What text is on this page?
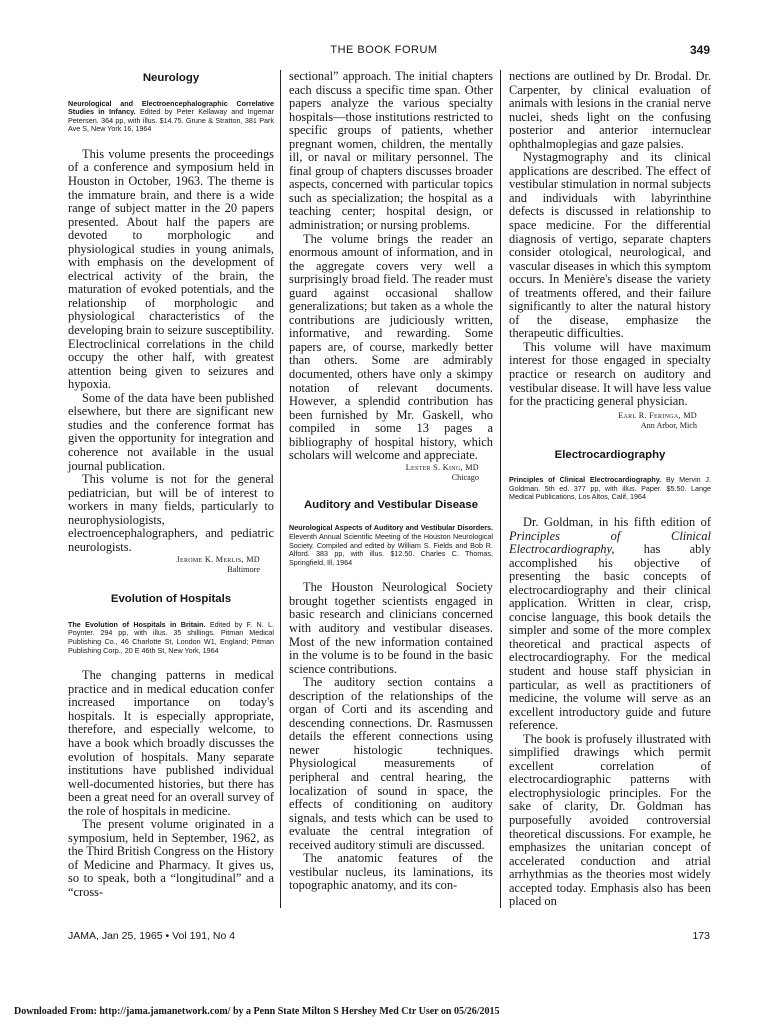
THE BOOK FORUM	349
Neurology

Neurological and Electroencephalographic Correlative Studies in Infancy. Edited by Peter Kellaway and Ingemar Petersen. 364 pp, with illus. $14.75. Grune & Stratton, 381 Park Ave S, New York 16, 1964

This volume presents the proceedings of a conference and symposium held in Houston in October, 1963. The theme is the immature brain, and there is a wide range of subject matter in the 20 papers presented. About half the papers are devoted to morphologic and physiological studies in young animals, with emphasis on the development of electrical activity of the brain, the maturation of evoked potentials, and the relationship of morphologic and physiological characteristics of the developing brain to seizure susceptibility. Electroclinical correlations in the child occupy the other half, with greatest attention being given to seizures and hypoxia.

Some of the data have been published elsewhere, but there are significant new studies and the conference format has given the opportunity for integration and coherence not available in the usual journal publication.

This volume is not for the general pediatrician, but will be of interest to workers in many fields, particularly to neurophysiologists, electroencephalographers, and pediatric neurologists.

Jerome K. Merlis, MD

Baltimore

Evolution of Hospitals

The Evolution of Hospitals in Britain. Edited by F. N. L. Poynter. 294 pp, with illus. 35 shillings. Pitman Medical Publishing Co., 46 Charlotte St, London W1, England; Pitman Publishing Corp., 20 E 46th St, New York, 1964

The changing patterns in medical practice and in medical education confer increased importance on today's hospitals. It is especially appropriate, therefore, and especially welcome, to have a book which broadly discusses the evolution of hospitals. Many separate institutions have published individual well-documented histories, but there has been a great need for an overall survey of the role of hospitals in medicine.

The present volume originated in a symposium, held in September, 1962, as the Third British Congress on the History of Medicine and Pharmacy. It gives us, so to speak, both a “longitudinal” and a “cross-

sectional” approach. The initial chapters each discuss a specific time span. Other papers analyze the various specialty hospitals—those institutions restricted to specific groups of patients, whether pregnant women, children, the mentally ill, or naval or military personnel. The final group of chapters discusses broader aspects, concerned with particular topics such as specialization; the hospital as a teaching center; hospital design, or administration; or nursing problems.

The volume brings the reader an enormous amount of information, and in the aggregate covers very well a surprisingly broad field. The reader must guard against occasional shallow generalizations; but taken as a whole the contributions are judiciously written, informative, and rewarding. Some papers are, of course, markedly better than others. Some are admirably documented, others have only a skimpy notation of relevant documents. However, a splendid contribution has been furnished by Mr. Gaskell, who compiled in some 13 pages a bibliography of hospital history, which scholars will welcome and appreciate.

Lester S. King, MD

Chicago

Auditory and Vestibular Disease

Neurological Aspects of Auditory and Vestibular Disorders. Eleventh Annual Scientific Meeting of the Houston Neurological Society. Compiled and edited by William S. Fields and Bob R. Alford. 383 pp, with illus. $12.50. Charles C. Thomas, Springfield, Ill, 1964

The Houston Neurological Society brought together scientists engaged in basic research and clinicians concerned with auditory and vestibular diseases. Most of the new information contained in the volume is to be found in the basic science contributions.

The auditory section contains a description of the relationships of the organ of Corti and its ascending and descending connections. Dr. Rasmussen details the efferent connections using newer histologic techniques. Physiological measurements of peripheral and central hearing, the localization of sound in space, the effects of conditioning on auditory signals, and tests which can be used to evaluate the central integration of received auditory stimuli are discussed.

The anatomic features of the vestibular nucleus, its laminations, its topographic anatomy, and its con-

nections are outlined by Dr. Brodal. Dr. Carpenter, by clinical evaluation of animals with lesions in the cranial nerve nuclei, sheds light on the confusing posterior and anterior internuclear ophthalmoplegias and gaze palsies.

Nystagmography and its clinical applications are described. The effect of vestibular stimulation in normal subjects and individuals with labyrinthine defects is discussed in relationship to space medicine. For the differential diagnosis of vertigo, separate chapters consider otological, neurological, and vascular diseases in which this symptom occurs. In Menière's disease the variety of treatments offered, and their failure significantly to alter the natural history of the disease, emphasize the therapeutic difficulties.

This volume will have maximum interest for those engaged in specialty practice or research on auditory and vestibular disease. It will have less value for the practicing general physician.

Earl R. Feringa, MD

Ann Arbor, Mich

Electrocardiography

Principles of Clinical Electrocardiography. By Mervin J. Goldman. 5th ed. 377 pp, with illus. Paper. $5.50. Lange Medical Publications, Los Altos, Calif, 1964

Dr. Goldman, in his fifth edition of Principles of Clinical Electrocardiography, has ably accomplished his objective of presenting the basic concepts of electrocardiography and their clinical application. Written in clear, crisp, concise language, this book details the simpler and some of the more complex theoretical and practical aspects of electrocardiography. For the medical student and house staff physician in particular, as well as practitioners of medicine, the volume will serve as an excellent introductory guide and future reference.

The book is profusely illustrated with simplified drawings which permit excellent correlation of electrocardiographic patterns with electrophysiologic principles. For the sake of clarity, Dr. Goldman has purposefully avoided controversial theoretical discussions. For example, he emphasizes the unitarian concept of accelerated conduction and atrial arrhythmias as the theories most widely accepted today. Emphasis also has been placed on

JAMA, Jan 25, 1965 • Vol 191, No 4	173
Downloaded From: http://jama.jamanetwork.com/ by a Penn State Milton S Hershey Med Ctr User on 05/26/2015
